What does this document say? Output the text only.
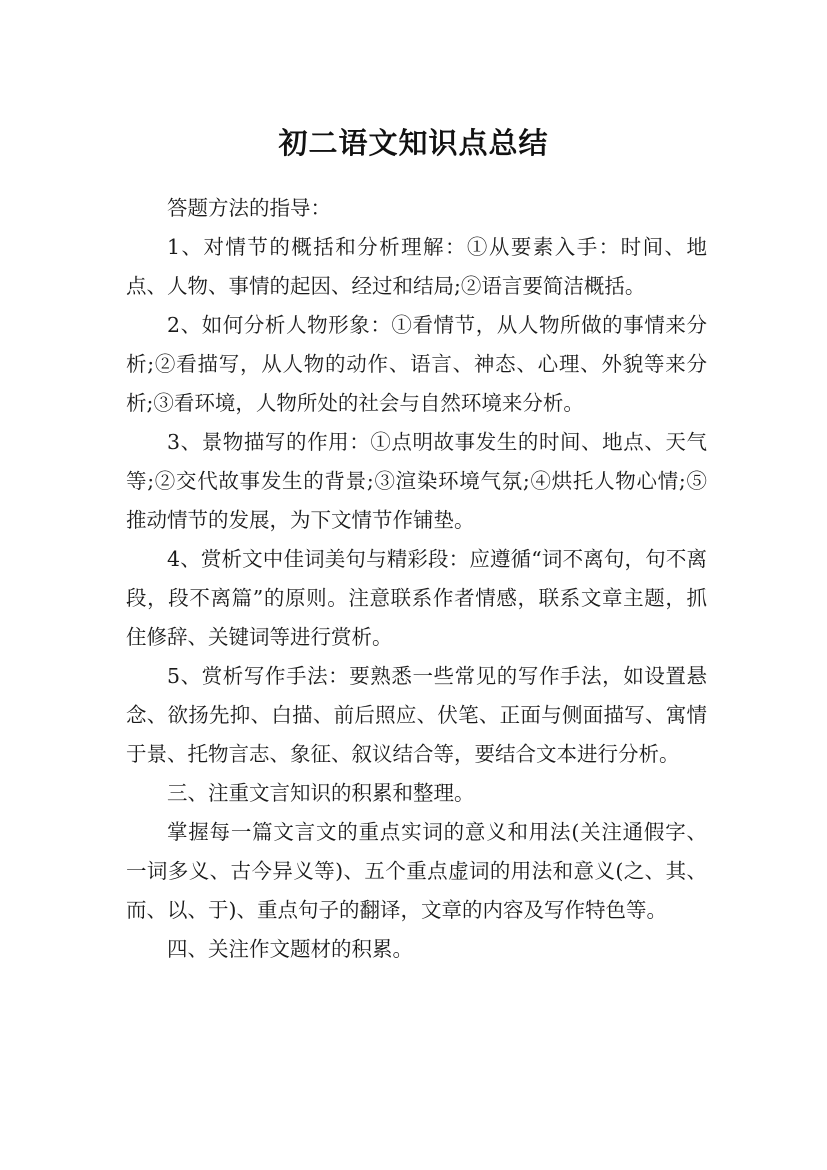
初二语文知识点总结

答题方法的指导：

1、对情节的概括和分析理解：①从要素入手：时间、地点、人物、事情的起因、经过和结局;②语言要简洁概括。

2、如何分析人物形象：①看情节，从人物所做的事情来分析;②看描写，从人物的动作、语言、神态、心理、外貌等来分析;③看环境，人物所处的社会与自然环境来分析。

3、景物描写的作用：①点明故事发生的时间、地点、天气等;②交代故事发生的背景;③渲染环境气氛;④烘托人物心情;⑤推动情节的发展，为下文情节作铺垫。

4、赏析文中佳词美句与精彩段：应遵循“词不离句，句不离段，段不离篇”的原则。注意联系作者情感，联系文章主题，抓住修辞、关键词等进行赏析。

5、赏析写作手法：要熟悉一些常见的写作手法，如设置悬念、欲扬先抑、白描、前后照应、伏笔、正面与侧面描写、寓情于景、托物言志、象征、叙议结合等，要结合文本进行分析。

三、注重文言知识的积累和整理。

掌握每一篇文言文的重点实词的意义和用法(关注通假字、一词多义、古今异义等)、五个重点虚词的用法和意义(之、其、而、以、于)、重点句子的翻译，文章的内容及写作特色等。

四、关注作文题材的积累。
